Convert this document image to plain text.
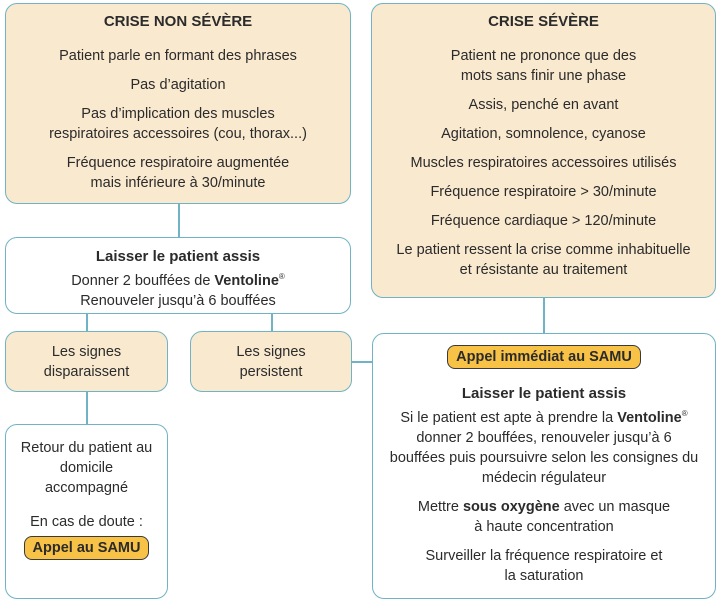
CRISE NON SÉVÈRE

Patient parle en formant des phrases

Pas d’agitation

Pas d’implication des muscles respiratoires accessoires (cou, thorax...)

Fréquence respiratoire augmentée mais inférieure à 30/minute

CRISE SÉVÈRE

Patient ne prononce que des mots sans finir une phase

Assis, penché en avant

Agitation, somnolence, cyanose

Muscles respiratoires accessoires utilisés

Fréquence respiratoire > 30/minute

Fréquence cardiaque > 120/minute

Le patient ressent la crise comme inhabituelle et résistante au traitement

Laisser le patient assis

Donner 2 bouffées de Ventoline®

Renouveler jusqu’à 6 bouffées

Les signes disparaissent

Les signes persistent

Retour du patient au domicile accompagné

En cas de doute :

Appel au SAMU
Appel immédiat au SAMU

Laisser le patient assis

Si le patient est apte à prendre la Ventoline® donner 2 bouffées, renouveler jusqu’à 6 bouffées puis poursuivre selon les consignes du médecin régulateur

Mettre sous oxygène avec un masque à haute concentration

Surveiller la fréquence respiratoire et la saturation
